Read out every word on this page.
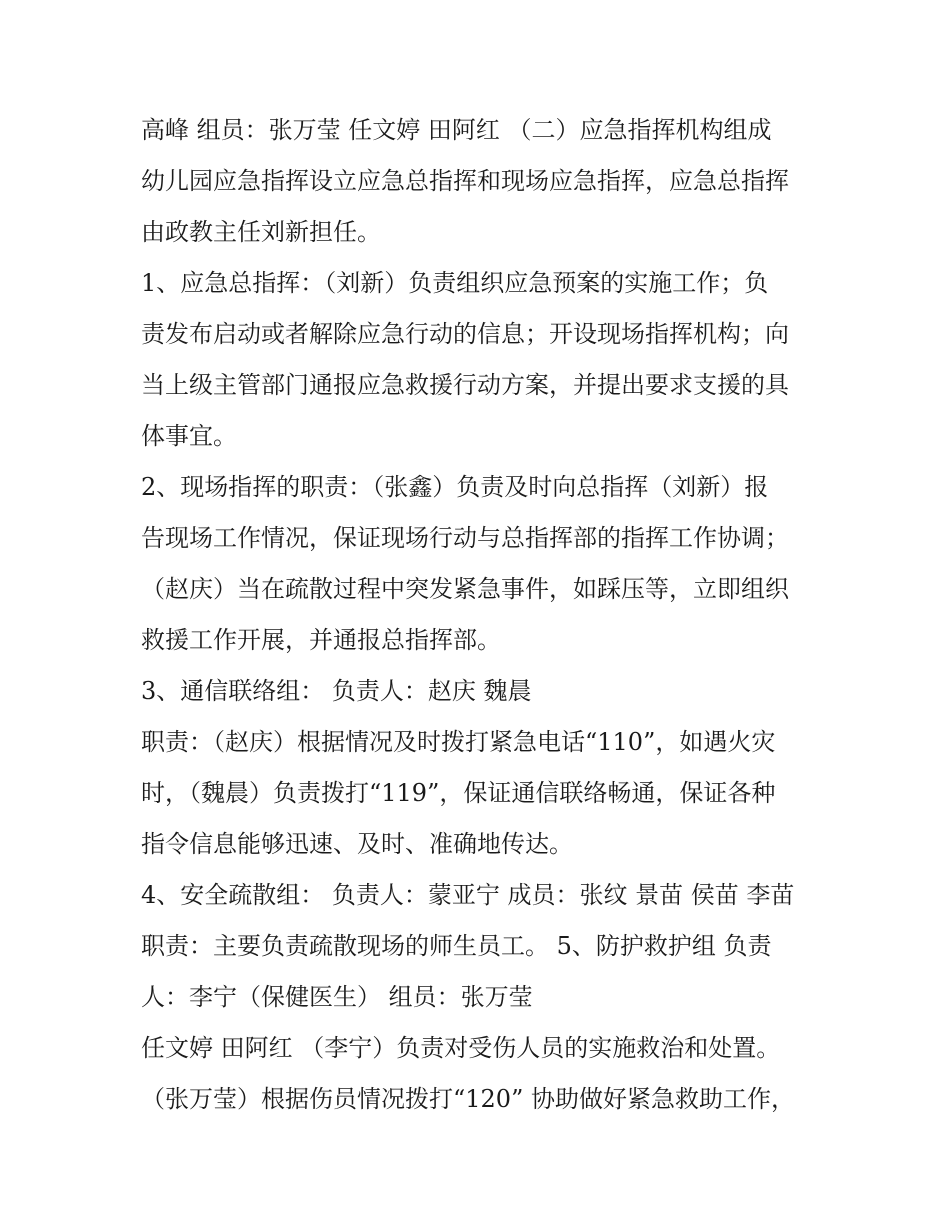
高峰 组员：张万莹 任文婷 田阿红 （二）应急指挥机构组成
幼儿园应急指挥设立应急总指挥和现场应急指挥，应急总指挥
由政教主任刘新担任。
1、应急总指挥：（刘新）负责组织应急预案的实施工作；负
责发布启动或者解除应急行动的信息；开设现场指挥机构；向
当上级主管部门通报应急救援行动方案，并提出要求支援的具
体事宜。
2、现场指挥的职责：（张鑫）负责及时向总指挥（刘新）报
告现场工作情况，保证现场行动与总指挥部的指挥工作协调；
（赵庆）当在疏散过程中突发紧急事件，如踩压等，立即组织
救援工作开展，并通报总指挥部。
3、通信联络组： 负责人：赵庆 魏晨
职责：（赵庆）根据情况及时拨打紧急电话“110”，如遇火灾
时，（魏晨）负责拨打“119”，保证通信联络畅通，保证各种
指令信息能够迅速、及时、准确地传达。
4、安全疏散组： 负责人：蒙亚宁 成员：张纹 景苗 侯苗 李苗
职责：主要负责疏散现场的师生员工。 5、防护救护组 负责
人：李宁（保健医生） 组员：张万莹
任文婷 田阿红 （李宁）负责对受伤人员的实施救治和处置。
（张万莹）根据伤员情况拨打“120” 协助做好紧急救助工作，
